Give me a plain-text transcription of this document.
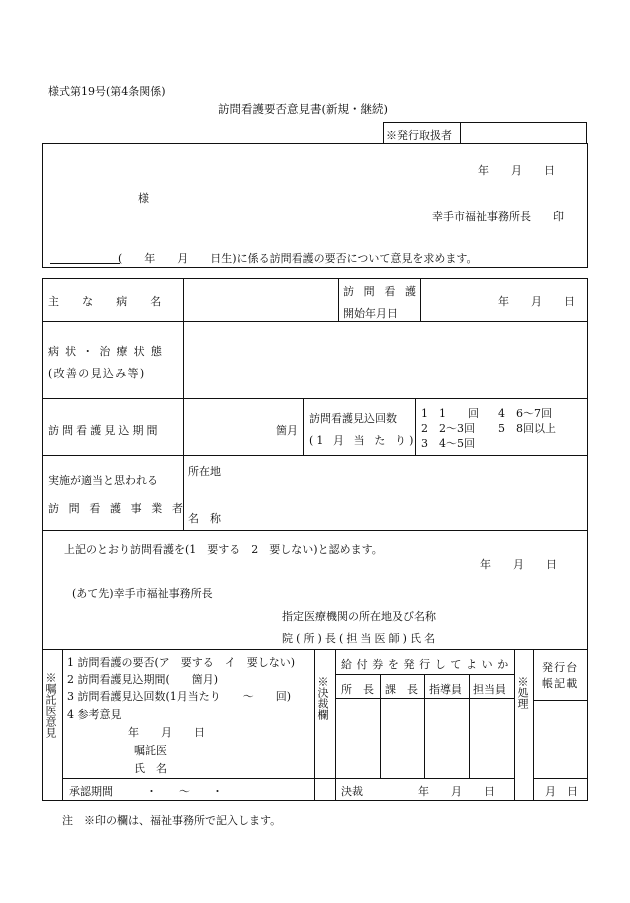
様式第19号(第4条関係)
訪問看護要否意見書(新規・継続)
※発行取扱者
年　　月　　日
様
幸手市福祉事務所長　　印
(　　年　　月　　日生)に係る訪問看護の要否について意見を求めます。
主　な　病　名
訪 問 看 護
開始年月日
年　　月　　日
病 状 ・ 治 療 状 態
(改善の見込み等)
訪問看護見込期間	箇月
訪問看護見込回数
(1 月 当 た り)
1　1　　回 4　6〜7回
2　2〜3回 5　8回以上
3　4〜5回
実施が適当と思われる
訪 問 看 護 事 業 者
所在地
名　称
上記のとおり訪問看護を(1　要する　2　要しない)と認めます。
年　　月　　日
(あて先)幸手市福祉事務所長
指定医療機関の所在地及び名称
院(所)長(担当医師)氏名
※嘱託医意見
1 訪問看護の要否(ア　要する　イ　要しない)
2 訪問看護見込期間(　　箇月)
3 訪問看護見込回数(1月当たり　　〜　　回)
4 参考意見
年　　月　　日
嘱託医
氏　名
承認期間　　　・　　〜　　・
※決裁欄
給付券を発行してよいか
所　長 課　長 指導員 担当員
決裁　　　　　年　　月　　日
※処理
発行台帳記載
月　日
注　※印の欄は、福祉事務所で記入します。
